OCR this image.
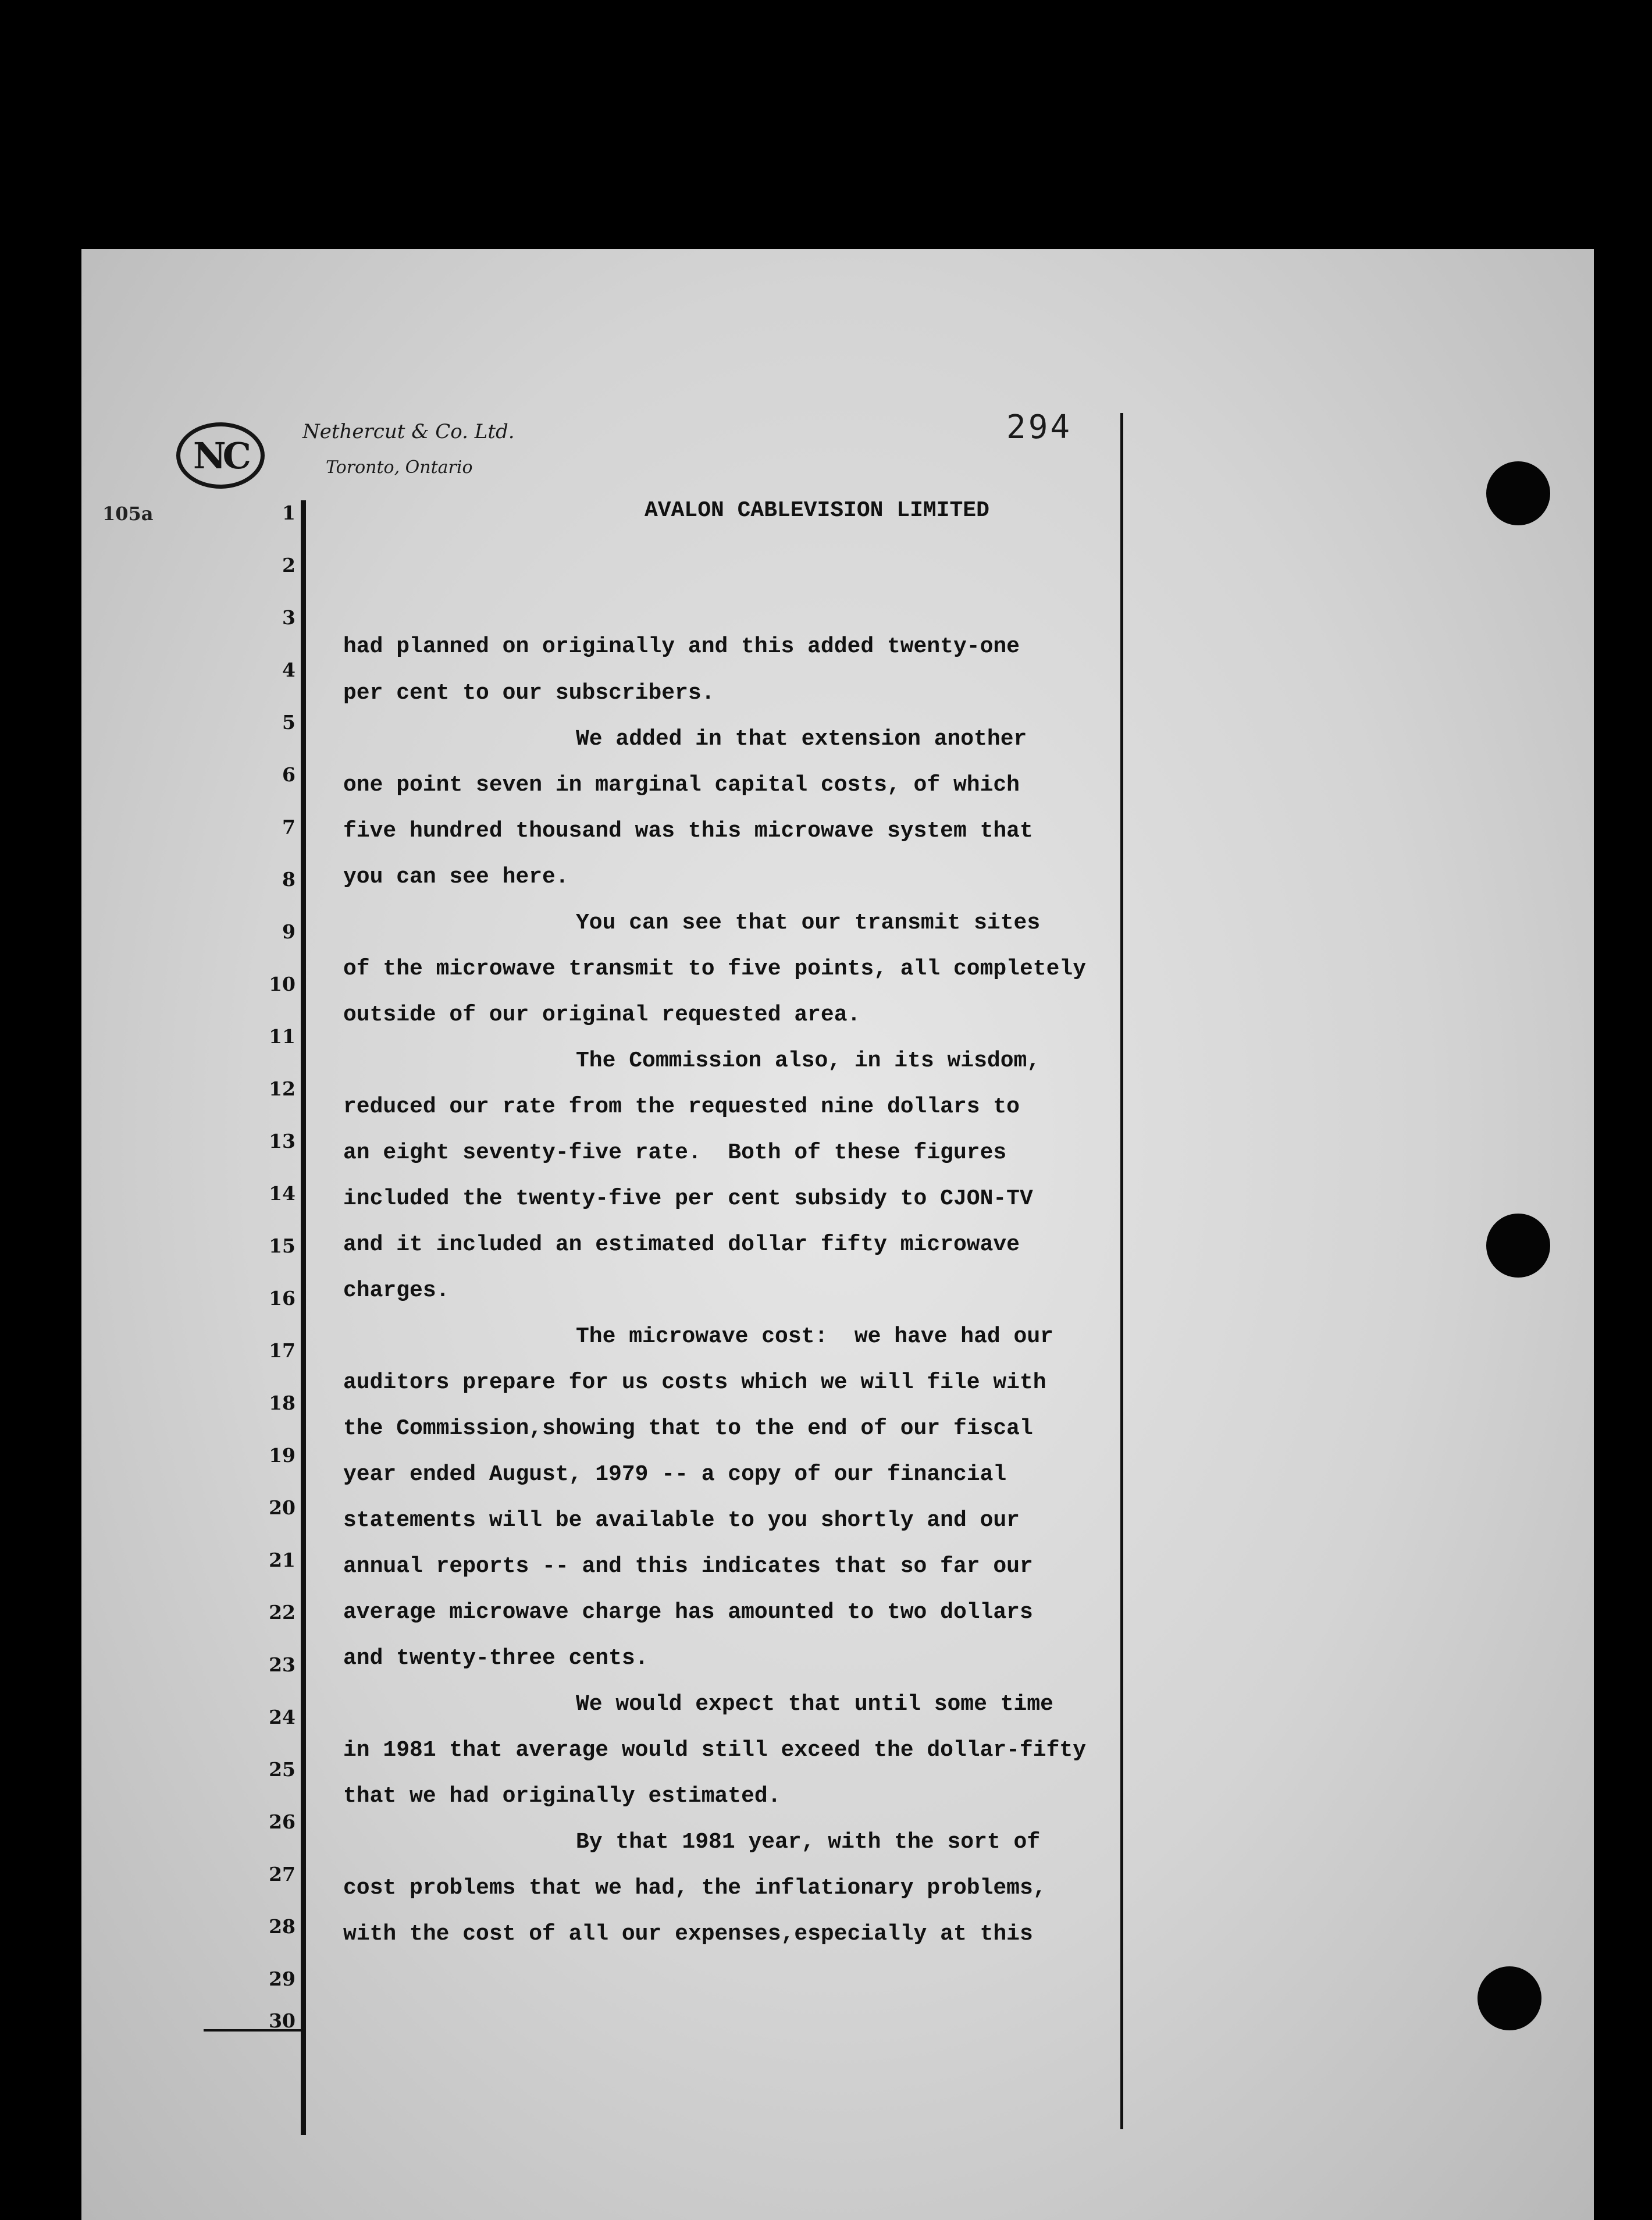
NC
Nethercut & Co. Ltd.
Toronto, Ontario
294
105a	AVALON CABLEVISION LIMITED
1
2
3
4
5
6
7
8
9
10
11
12
13
14
15
16
17
18
19
20
21
22
23
24
25
26
27
28
29
30
had planned on originally and this added twenty-one
per cent to our subscribers.
We added in that extension another
one point seven in marginal capital costs, of which
five hundred thousand was this microwave system that
you can see here.
You can see that our transmit sites
of the microwave transmit to five points, all completely
outside of our original requested area.
The Commission also, in its wisdom,
reduced our rate from the requested nine dollars to
an eight seventy-five rate.  Both of these figures
included the twenty-five per cent subsidy to CJON-TV
and it included an estimated dollar fifty microwave
charges.
The microwave cost:  we have had our
auditors prepare for us costs which we will file with
the Commission,showing that to the end of our fiscal
year ended August, 1979 -- a copy of our financial
statements will be available to you shortly and our
annual reports -- and this indicates that so far our
average microwave charge has amounted to two dollars
and twenty-three cents.
We would expect that until some time
in 1981 that average would still exceed the dollar-fifty
that we had originally estimated.
By that 1981 year, with the sort of
cost problems that we had, the inflationary problems,
with the cost of all our expenses,especially at this
